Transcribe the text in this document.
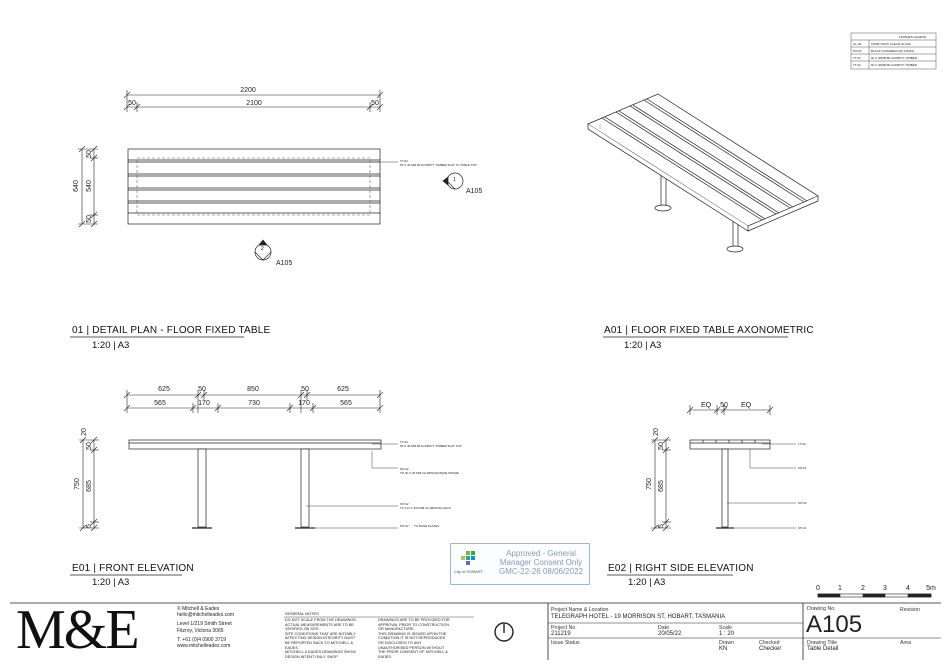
FINISHES LEGEND
GL-06	10MM THICK CLEAR GLASS
MT-02	BLACK POWDERCOAT FINISH
TT-07	60 X 40MM BLACKBUTT TIMBER
TT-02	60 X 40MM BLACKBUTT TIMBER
2200
2100
50	50
640 540
50
50
TT-02
60 X 40 MM BLACKBUTT TIMBER SLAT TO TABLE TOP
1
A105
2
A105
625	50	850	50	625
565	170	730	170	565
750 685
20
50
5
TT-02
60 X 40 MM BLACKBUTT TIMBER SLAT TOP
MT-02
TO 60 X 30 MM ALUMINIUM BASE FRAME
MT-02
TO 114 X 300 MM ALUMINIUM LEGS
MT-02 TO BASE PLATES
EQ 50 EQ
750 685
20
50
5
TT-02
MT-01
MT-02
MT-01
0	1	2	3	4 5m
01 | DETAIL PLAN - FLOOR FIXED TABLE
1:20 | A3
A01 | FLOOR FIXED TABLE AXONOMETRIC
1:20 | A3
E01 | FRONT ELEVATION
1:20 | A3
E02 | RIGHT SIDE ELEVATION
1:20 | A3
City of HOBART
Approved - General
Manager Consent Only
GMC-22-26 08/06/2022
M&E	© Mitchell & Eades
hello@mitchelleades.com
Level 1/219 Smith Street
Fitzroy, Victoria 3065
T: +61 (0)4 0900 3719
www.mitchelleades.com
GENERAL NOTES
DO NOT SCALE FROM THE DRAWINGS.
ACTUAL MEASUREMENTS ARE TO BE
VERIFIED ON SITE.
SITE CONDITIONS THAT ARE NOTABLY
AFFECTING DESIGN INTEGRITY MUST
BE REPORTED BACK TO MITCHELL &
EADES.
MITCHELL & EADES DRAWINGS SHOW
DESIGN INTENT ONLY. SHOP
DRAWINGS ARE TO BE PROVIDED FOR
APPROVAL PRIOR TO CONSTRUCTION
OR MANUFACTURE.
THIS DRAWING IS ISSUED UPON THE
CONDITION IT IS NOT REPRODUCED
OR DISCLOSED TO ANY
UNAUTHORISED PERSON WITHOUT
THE PRIOR CONSENT OF MITCHELL &
EADES.
Project Name & Location
TELEGRAPH HOTEL - 19 MORRISON ST, HOBART, TASMANIA
Project No.
211219
Date
20/05/22
Scale
1 : 20
Issue Status	Drawn
KN
Checked
Checker
Drawing No.	Revision
A105
Drawing Title
Table Detail
Area
